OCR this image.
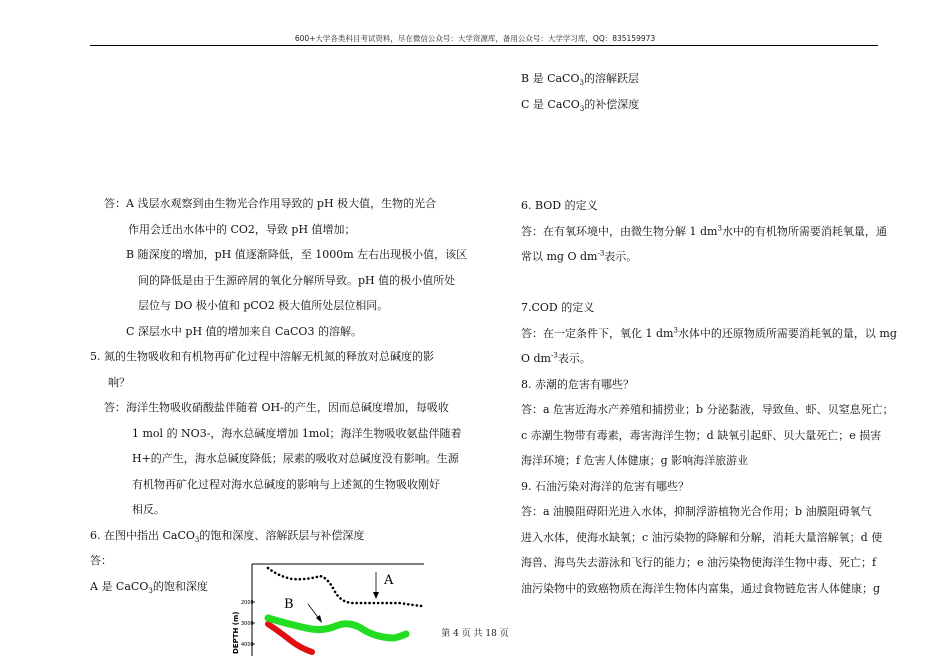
600+大学各类科目考试资料，尽在微信公众号：大学资源库，备用公众号：大学学习库，QQ：835159973

答：A 浅层水观察到由生物光合作用导致的 pH 极大值，生物的光合

作用会迁出水体中的 CO2，导致 pH 值增加；

B 随深度的增加，pH 值逐渐降低，至 1000m 左右出现极小值，该区

间的降低是由于生源碎屑的氧化分解所导致。pH 值的极小值所处

层位与 DO 极小值和 pCO2 极大值所处层位相同。

C 深层水中 pH 值的增加来自 CaCO3 的溶解。

5. 氮的生物吸收和有机物再矿化过程中溶解无机氮的释放对总碱度的影

响？

答：海洋生物吸收硝酸盐伴随着 OH-的产生，因而总碱度增加，每吸收

1 mol 的 NO3-，海水总碱度增加 1mol；海洋生物吸收氨盐伴随着

H+的产生，海水总碱度降低；尿素的吸收对总碱度没有影响。生源

有机物再矿化过程对海水总碱度的影响与上述氮的生物吸收刚好

相反。

6. 在图中指出 CaCO$_3$的饱和深度、溶解跃层与补偿深度

答：

A 是 CaCO$_3$的饱和深度

DEPTH (m)
2000
3000
4000
A
B

B 是 CaCO$_3$的溶解跃层

C 是 CaCO$_3$的补偿深度

6. BOD 的定义

答：在有氧环境中，由微生物分解 1 $dm^3$水中的有机物所需要消耗氧量，通

常以 mg O $dm^{-3}$表示。

7.COD 的定义

答：在一定条件下，氧化 1 $dm^3$水体中的还原物质所需要消耗氧的量，以 mg

O $dm^{-3}$表示。

8. 赤潮的危害有哪些？

答：a 危害近海水产养殖和捕捞业；b 分泌黏液，导致鱼、虾、贝窒息死亡；

c 赤潮生物带有毒素，毒害海洋生物；d 缺氧引起虾、贝大量死亡；e 损害

海洋环境；f 危害人体健康；g 影响海洋旅游业

9. 石油污染对海洋的危害有哪些？

答：a 油膜阻碍阳光进入水体，抑制浮游植物光合作用；b 油膜阻碍氧气

进入水体，使海水缺氧；c 油污染物的降解和分解，消耗大量溶解氧；d 使

海兽、海鸟失去游泳和飞行的能力；e 油污染物使海洋生物中毒、死亡；f

油污染物中的致癌物质在海洋生物体内富集，通过食物链危害人体健康；g

第 4 页 共 18 页
